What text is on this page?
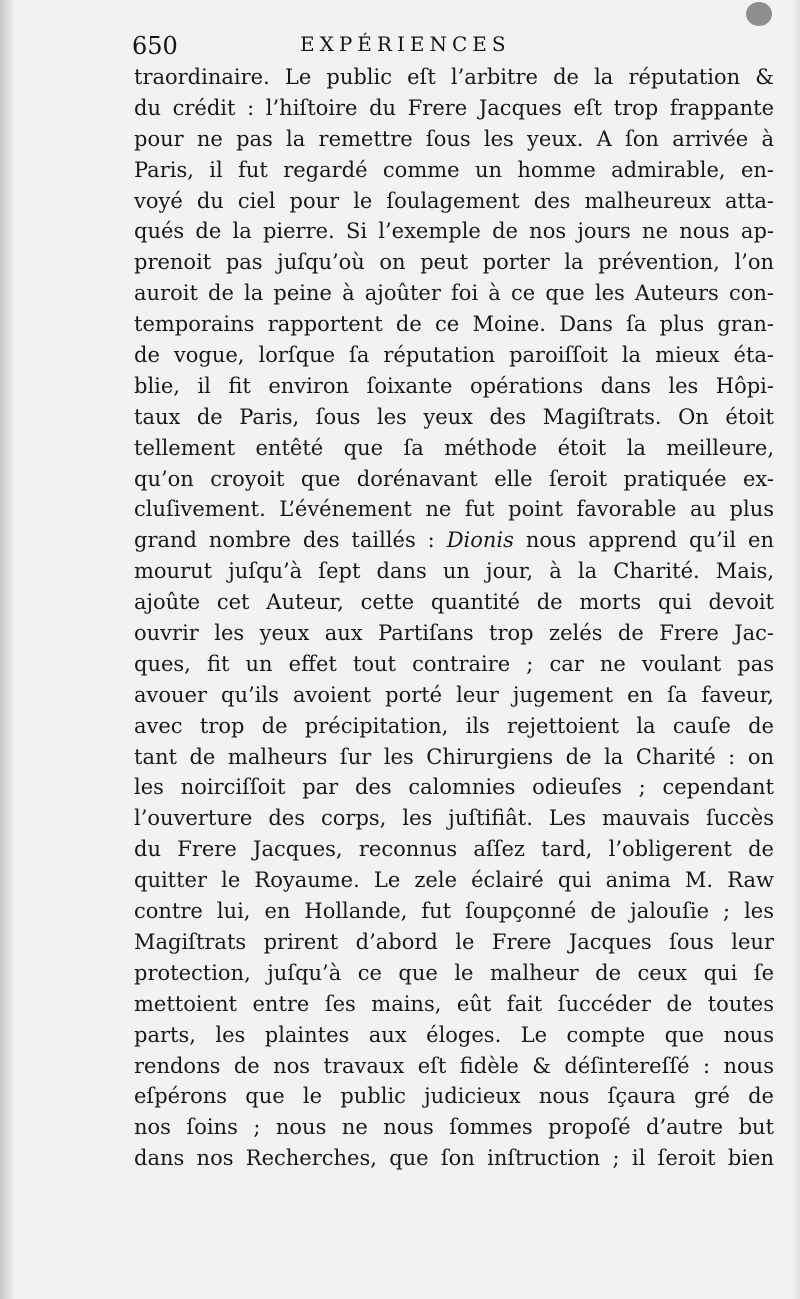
650	EXPÉRIENCES
traordinaire. Le public eſt l’arbitre de la réputation &
du crédit : l’hiſtoire du Frere Jacques eſt trop frappante
pour ne pas la remettre ſous les yeux. A ſon arrivée à
Paris, il fut regardé comme un homme admirable, en-
voyé du ciel pour le ſoulagement des malheureux atta-
qués de la pierre. Si l’exemple de nos jours ne nous ap-
prenoit pas juſqu’où on peut porter la prévention, l’on
auroit de la peine à ajoûter foi à ce que les Auteurs con-
temporains rapportent de ce Moine. Dans ſa plus gran-
de vogue, lorſque ſa réputation paroiſſoit la mieux éta-
blie, il fit environ ſoixante opérations dans les Hôpi-
taux de Paris, ſous les yeux des Magiſtrats. On étoit
tellement entêté que ſa méthode étoit la meilleure,
qu’on croyoit que dorénavant elle ſeroit pratiquée ex-
cluſivement. L’événement ne fut point favorable au plus
grand nombre des taillés : Dionis nous apprend qu’il en
mourut juſqu’à ſept dans un jour, à la Charité. Mais,
ajoûte cet Auteur, cette quantité de morts qui devoit
ouvrir les yeux aux Partiſans trop zelés de Frere Jac-
ques, fit un effet tout contraire ; car ne voulant pas
avouer qu’ils avoient porté leur jugement en ſa faveur,
avec trop de précipitation, ils rejettoient la cauſe de
tant de malheurs ſur les Chirurgiens de la Charité : on
les noirciſſoit par des calomnies odieuſes ; cependant
l’ouverture des corps, les juſtifiât. Les mauvais ſuccès
du Frere Jacques, reconnus aſſez tard, l’obligerent de
quitter le Royaume. Le zele éclairé qui anima M. Raw
contre lui, en Hollande, fut ſoupçonné de jalouſie ; les
Magiſtrats prirent d’abord le Frere Jacques ſous leur
protection, juſqu’à ce que le malheur de ceux qui ſe
mettoient entre ſes mains, eût fait ſuccéder de toutes
parts, les plaintes aux éloges. Le compte que nous
rendons de nos travaux eſt fidèle & déſintereſſé : nous
eſpérons que le public judicieux nous ſçaura gré de
nos ſoins ; nous ne nous ſommes propoſé d’autre but
dans nos Recherches, que ſon inſtruction ; il ſeroit bien
